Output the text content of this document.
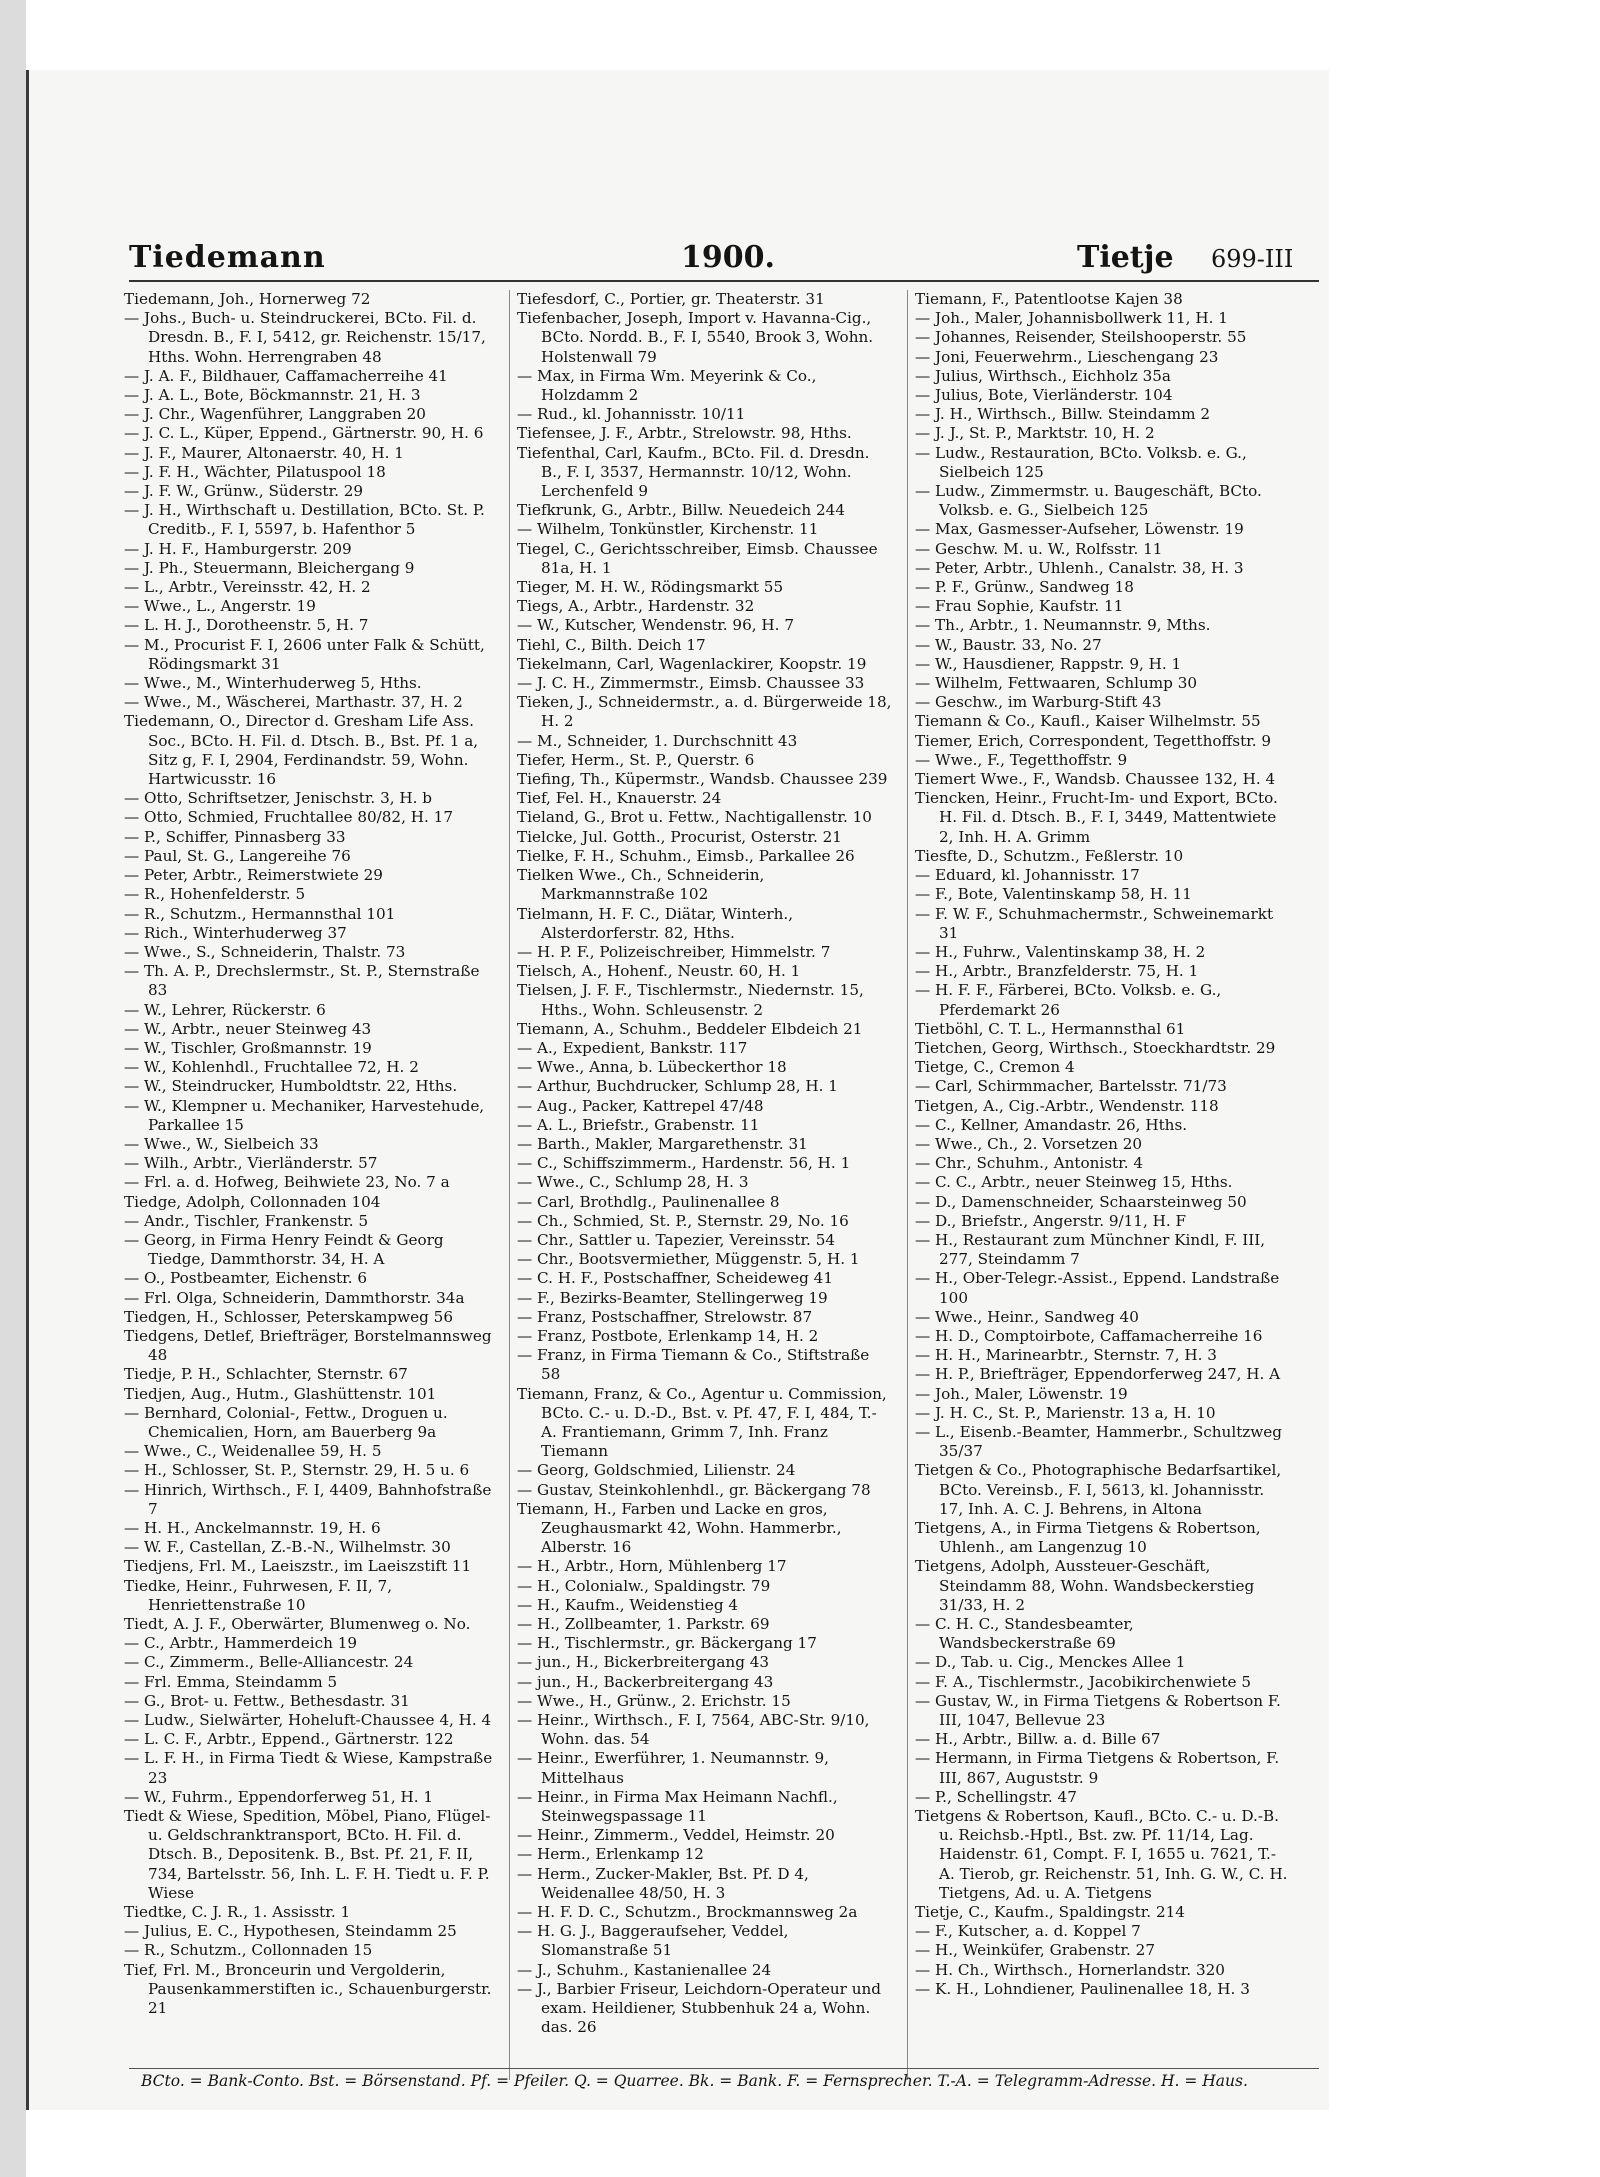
Tiedemann	1900.	Tietje 699-III
Tiedemann, Joh., Hornerweg 72
— Johs., Buch- u. Steindruckerei, BCto. Fil. d. Dresdn. B., F. I, 5412, gr. Reichenstr. 15/17, Hths. Wohn. Herrengraben 48
— J. A. F., Bildhauer, Caffamacherreihe 41
— J. A. L., Bote, Böckmannstr. 21, H. 3
— J. Chr., Wagenführer, Langgraben 20
— J. C. L., Küper, Eppend., Gärtnerstr. 90, H. 6
— J. F., Maurer, Altonaerstr. 40, H. 1
— J. F. H., Wächter, Pilatuspool 18
— J. F. W., Grünw., Süderstr. 29
— J. H., Wirthschaft u. Destillation, BCto. St. P. Creditb., F. I, 5597, b. Hafenthor 5
— J. H. F., Hamburgerstr. 209
— J. Ph., Steuermann, Bleichergang 9
— L., Arbtr., Vereinsstr. 42, H. 2
— Wwe., L., Angerstr. 19
— L. H. J., Dorotheenstr. 5, H. 7
— M., Procurist F. I, 2606 unter Falk & Schütt, Rödingsmarkt 31
— Wwe., M., Winterhuderweg 5, Hths.
— Wwe., M., Wäscherei, Marthastr. 37, H. 2
Tiedemann, O., Director d. Gresham Life Ass. Soc., BCto. H. Fil. d. Dtsch. B., Bst. Pf. 1 a, Sitz g, F. I, 2904, Ferdinandstr. 59, Wohn. Hartwicusstr. 16
— Otto, Schriftsetzer, Jenischstr. 3, H. b
— Otto, Schmied, Fruchtallee 80/82, H. 17
— P., Schiffer, Pinnasberg 33
— Paul, St. G., Langereihe 76
— Peter, Arbtr., Reimerstwiete 29
— R., Hohenfelderstr. 5
— R., Schutzm., Hermannsthal 101
— Rich., Winterhuderweg 37
— Wwe., S., Schneiderin, Thalstr. 73
— Th. A. P., Drechslermstr., St. P., Sternstraße 83
— W., Lehrer, Rückerstr. 6
— W., Arbtr., neuer Steinweg 43
— W., Tischler, Großmannstr. 19
— W., Kohlenhdl., Fruchtallee 72, H. 2
— W., Steindrucker, Humboldtstr. 22, Hths.
— W., Klempner u. Mechaniker, Harvestehude, Parkallee 15
— Wwe., W., Sielbeich 33
— Wilh., Arbtr., Vierländerstr. 57
— Frl. a. d. Hofweg, Beihwiete 23, No. 7 a
Tiedge, Adolph, Collonnaden 104
— Andr., Tischler, Frankenstr. 5
— Georg, in Firma Henry Feindt & Georg Tiedge, Dammthorstr. 34, H. A
— O., Postbeamter, Eichenstr. 6
— Frl. Olga, Schneiderin, Dammthorstr. 34a
Tiedgen, H., Schlosser, Peterskampweg 56
Tiedgens, Detlef, Briefträger, Borstelmannsweg 48
Tiedje, P. H., Schlachter, Sternstr. 67
Tiedjen, Aug., Hutm., Glashüttenstr. 101
— Bernhard, Colonial-, Fettw., Droguen u. Chemicalien, Horn, am Bauerberg 9a
— Wwe., C., Weidenallee 59, H. 5
— H., Schlosser, St. P., Sternstr. 29, H. 5 u. 6
— Hinrich, Wirthsch., F. I, 4409, Bahnhofstraße 7
— H. H., Anckelmannstr. 19, H. 6
— W. F., Castellan, Z.-B.-N., Wilhelmstr. 30
Tiedjens, Frl. M., Laeiszstr., im Laeiszstift 11
Tiedke, Heinr., Fuhrwesen, F. II, 7, Henriettenstraße 10
Tiedt, A. J. F., Oberwärter, Blumenweg o. No.
— C., Arbtr., Hammerdeich 19
— C., Zimmerm., Belle-Alliancestr. 24
— Frl. Emma, Steindamm 5
— G., Brot- u. Fettw., Bethesdastr. 31
— Ludw., Sielwärter, Hoheluft-Chaussee 4, H. 4
— L. C. F., Arbtr., Eppend., Gärtnerstr. 122
— L. F. H., in Firma Tiedt & Wiese, Kampstraße 23
— W., Fuhrm., Eppendorferweg 51, H. 1
Tiedt & Wiese, Spedition, Möbel, Piano, Flügel- u. Geldschranktransport, BCto. H. Fil. d. Dtsch. B., Depositenk. B., Bst. Pf. 21, F. II, 734, Bartelsstr. 56, Inh. L. F. H. Tiedt u. F. P. Wiese
Tiedtke, C. J. R., 1. Assisstr. 1
— Julius, E. C., Hypothesen, Steindamm 25
— R., Schutzm., Collonnaden 15
Tief, Frl. M., Bronceurin und Vergolderin, Pausenkammerstiften ic., Schauenburgerstr. 21
Tiefesdorf, C., Portier, gr. Theaterstr. 31
Tiefenbacher, Joseph, Import v. Havanna-Cig., BCto. Nordd. B., F. I, 5540, Brook 3, Wohn. Holstenwall 79
— Max, in Firma Wm. Meyerink & Co., Holzdamm 2
— Rud., kl. Johannisstr. 10/11
Tiefensee, J. F., Arbtr., Strelowstr. 98, Hths.
Tiefenthal, Carl, Kaufm., BCto. Fil. d. Dresdn. B., F. I, 3537, Hermannstr. 10/12, Wohn. Lerchenfeld 9
Tiefkrunk, G., Arbtr., Billw. Neuedeich 244
— Wilhelm, Tonkünstler, Kirchenstr. 11
Tiegel, C., Gerichtsschreiber, Eimsb. Chaussee 81a, H. 1
Tieger, M. H. W., Rödingsmarkt 55
Tiegs, A., Arbtr., Hardenstr. 32
— W., Kutscher, Wendenstr. 96, H. 7
Tiehl, C., Bilth. Deich 17
Tiekelmann, Carl, Wagenlackirer, Koopstr. 19
— J. C. H., Zimmermstr., Eimsb. Chaussee 33
Tieken, J., Schneidermstr., a. d. Bürgerweide 18, H. 2
— M., Schneider, 1. Durchschnitt 43
Tiefer, Herm., St. P., Querstr. 6
Tiefing, Th., Küpermstr., Wandsb. Chaussee 239
Tief, Fel. H., Knauerstr. 24
Tieland, G., Brot u. Fettw., Nachtigallenstr. 10
Tielcke, Jul. Gotth., Procurist, Osterstr. 21
Tielke, F. H., Schuhm., Eimsb., Parkallee 26
Tielken Wwe., Ch., Schneiderin, Markmannstraße 102
Tielmann, H. F. C., Diätar, Winterh., Alsterdorferstr. 82, Hths.
— H. P. F., Polizeischreiber, Himmelstr. 7
Tielsch, A., Hohenf., Neustr. 60, H. 1
Tielsen, J. F. F., Tischlermstr., Niedernstr. 15, Hths., Wohn. Schleusenstr. 2
Tiemann, A., Schuhm., Beddeler Elbdeich 21
— A., Expedient, Bankstr. 117
— Wwe., Anna, b. Lübeckerthor 18
— Arthur, Buchdrucker, Schlump 28, H. 1
— Aug., Packer, Kattrepel 47/48
— A. L., Briefstr., Grabenstr. 11
— Barth., Makler, Margarethenstr. 31
— C., Schiffszimmerm., Hardenstr. 56, H. 1
— Wwe., C., Schlump 28, H. 3
— Carl, Brothdlg., Paulinenallee 8
— Ch., Schmied, St. P., Sternstr. 29, No. 16
— Chr., Sattler u. Tapezier, Vereinsstr. 54
— Chr., Bootsvermiether, Müggenstr. 5, H. 1
— C. H. F., Postschaffner, Scheideweg 41
— F., Bezirks-Beamter, Stellingerweg 19
— Franz, Postschaffner, Strelowstr. 87
— Franz, Postbote, Erlenkamp 14, H. 2
— Franz, in Firma Tiemann & Co., Stiftstraße 58
Tiemann, Franz, & Co., Agentur u. Commission, BCto. C.- u. D.-D., Bst. v. Pf. 47, F. I, 484, T.-A. Frantiemann, Grimm 7, Inh. Franz Tiemann
— Georg, Goldschmied, Lilienstr. 24
— Gustav, Steinkohlenhdl., gr. Bäckergang 78
Tiemann, H., Farben und Lacke en gros, Zeughausmarkt 42, Wohn. Hammerbr., Alberstr. 16
— H., Arbtr., Horn, Mühlenberg 17
— H., Colonialw., Spaldingstr. 79
— H., Kaufm., Weidenstieg 4
— H., Zollbeamter, 1. Parkstr. 69
— H., Tischlermstr., gr. Bäckergang 17
— jun., H., Bickerbreitergang 43
— jun., H., Backerbreitergang 43
— Wwe., H., Grünw., 2. Erichstr. 15
— Heinr., Wirthsch., F. I, 7564, ABC-Str. 9/10, Wohn. das. 54
— Heinr., Ewerführer, 1. Neumannstr. 9, Mittelhaus
— Heinr., in Firma Max Heimann Nachfl., Steinwegspassage 11
— Heinr., Zimmerm., Veddel, Heimstr. 20
— Herm., Erlenkamp 12
— Herm., Zucker-Makler, Bst. Pf. D 4, Weidenallee 48/50, H. 3
— H. F. D. C., Schutzm., Brockmannsweg 2a
— H. G. J., Baggeraufseher, Veddel, Slomanstraße 51
— J., Schuhm., Kastanienallee 24
— J., Barbier Friseur, Leichdorn-Operateur und exam. Heildiener, Stubbenhuk 24 a, Wohn. das. 26
Tiemann, F., Patentlootse Kajen 38
— Joh., Maler, Johannisbollwerk 11, H. 1
— Johannes, Reisender, Steilshooperstr. 55
— Joni, Feuerwehrm., Lieschengang 23
— Julius, Wirthsch., Eichholz 35a
— Julius, Bote, Vierländerstr. 104
— J. H., Wirthsch., Billw. Steindamm 2
— J. J., St. P., Marktstr. 10, H. 2
— Ludw., Restauration, BCto. Volksb. e. G., Sielbeich 125
— Ludw., Zimmermstr. u. Baugeschäft, BCto. Volksb. e. G., Sielbeich 125
— Max, Gasmesser-Aufseher, Löwenstr. 19
— Geschw. M. u. W., Rolfsstr. 11
— Peter, Arbtr., Uhlenh., Canalstr. 38, H. 3
— P. F., Grünw., Sandweg 18
— Frau Sophie, Kaufstr. 11
— Th., Arbtr., 1. Neumannstr. 9, Mths.
— W., Baustr. 33, No. 27
— W., Hausdiener, Rappstr. 9, H. 1
— Wilhelm, Fettwaaren, Schlump 30
— Geschw., im Warburg-Stift 43
Tiemann & Co., Kaufl., Kaiser Wilhelmstr. 55
Tiemer, Erich, Correspondent, Tegetthoffstr. 9
— Wwe., F., Tegetthoffstr. 9
Tiemert Wwe., F., Wandsb. Chaussee 132, H. 4
Tiencken, Heinr., Frucht-Im- und Export, BCto. H. Fil. d. Dtsch. B., F. I, 3449, Mattentwiete 2, Inh. H. A. Grimm
Tiesfte, D., Schutzm., Feßlerstr. 10
— Eduard, kl. Johannisstr. 17
— F., Bote, Valentinskamp 58, H. 11
— F. W. F., Schuhmachermstr., Schweinemarkt 31
— H., Fuhrw., Valentinskamp 38, H. 2
— H., Arbtr., Branzfelderstr. 75, H. 1
— H. F. F., Färberei, BCto. Volksb. e. G., Pferdemarkt 26
Tietböhl, C. T. L., Hermannsthal 61
Tietchen, Georg, Wirthsch., Stoeckhardtstr. 29
Tietge, C., Cremon 4
— Carl, Schirmmacher, Bartelsstr. 71/73
Tietgen, A., Cig.-Arbtr., Wendenstr. 118
— C., Kellner, Amandastr. 26, Hths.
— Wwe., Ch., 2. Vorsetzen 20
— Chr., Schuhm., Antonistr. 4
— C. C., Arbtr., neuer Steinweg 15, Hths.
— D., Damenschneider, Schaarsteinweg 50
— D., Briefstr., Angerstr. 9/11, H. F
— H., Restaurant zum Münchner Kindl, F. III, 277, Steindamm 7
— H., Ober-Telegr.-Assist., Eppend. Landstraße 100
— Wwe., Heinr., Sandweg 40
— H. D., Comptoirbote, Caffamacherreihe 16
— H. H., Marinearbtr., Sternstr. 7, H. 3
— H. P., Briefträger, Eppendorferweg 247, H. A
— Joh., Maler, Löwenstr. 19
— J. H. C., St. P., Marienstr. 13 a, H. 10
— L., Eisenb.-Beamter, Hammerbr., Schultzweg 35/37
Tietgen & Co., Photographische Bedarfsartikel, BCto. Vereinsb., F. I, 5613, kl. Johannisstr. 17, Inh. A. C. J. Behrens, in Altona
Tietgens, A., in Firma Tietgens & Robertson, Uhlenh., am Langenzug 10
Tietgens, Adolph, Aussteuer-Geschäft, Steindamm 88, Wohn. Wandsbeckerstieg 31/33, H. 2
— C. H. C., Standesbeamter, Wandsbeckerstraße 69
— D., Tab. u. Cig., Menckes Allee 1
— F. A., Tischlermstr., Jacobikirchenwiete 5
— Gustav, W., in Firma Tietgens & Robertson F. III, 1047, Bellevue 23
— H., Arbtr., Billw. a. d. Bille 67
— Hermann, in Firma Tietgens & Robertson, F. III, 867, Auguststr. 9
— P., Schellingstr. 47
Tietgens & Robertson, Kaufl., BCto. C.- u. D.-B. u. Reichsb.-Hptl., Bst. zw. Pf. 11/14, Lag. Haidenstr. 61, Compt. F. I, 1655 u. 7621, T.-A. Tierob, gr. Reichenstr. 51, Inh. G. W., C. H. Tietgens, Ad. u. A. Tietgens
Tietje, C., Kaufm., Spaldingstr. 214
— F., Kutscher, a. d. Koppel 7
— H., Weinküfer, Grabenstr. 27
— H. Ch., Wirthsch., Hornerlandstr. 320
— K. H., Lohndiener, Paulinenallee 18, H. 3
BCto. = Bank-Conto. Bst. = Börsenstand. Pf. = Pfeiler. Q. = Quarree. Bk. = Bank. F. = Fernsprecher. T.-A. = Telegramm-Adresse. H. = Haus.
